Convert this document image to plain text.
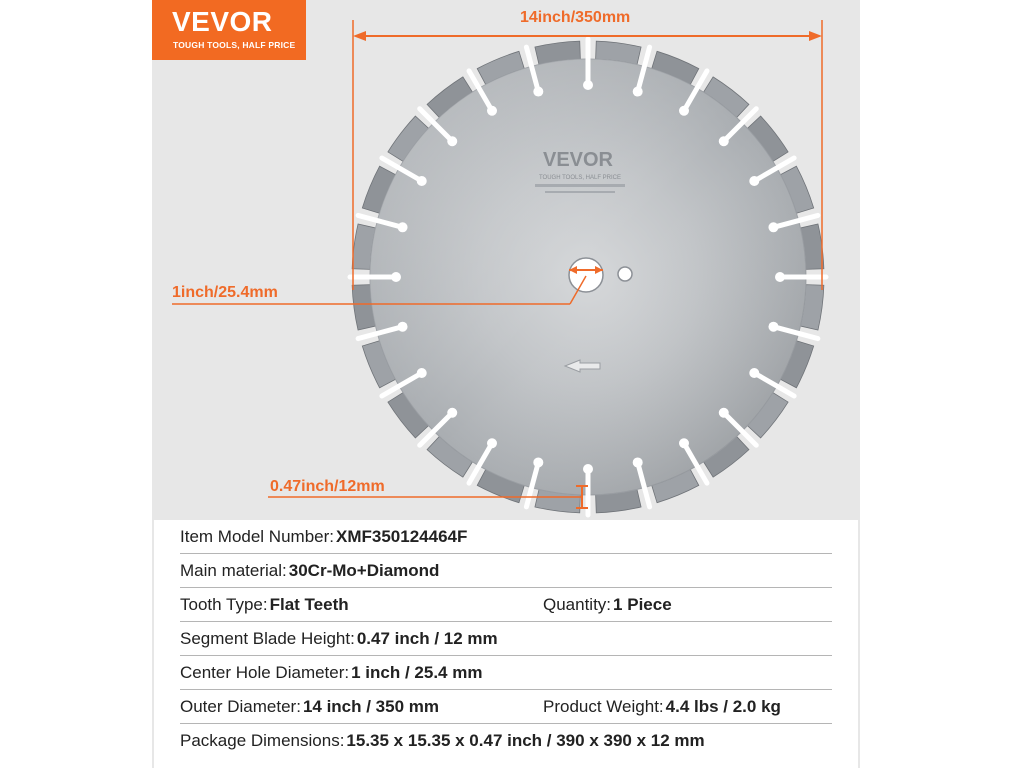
VEVOR
TOUGH TOOLS, HALF PRICE
VEVOR
TOUGH TOOLS, HALF PRICE
14inch/350mm
1inch/25.4mm
0.47inch/12mm
Item Model Number: XMF350124464F
Main material: 30Cr-Mo+Diamond
Tooth Type: Flat Teeth	Quantity: 1 Piece
Segment Blade Height: 0.47 inch / 12 mm
Center Hole Diameter: 1 inch / 25.4 mm
Outer Diameter: 14 inch / 350 mm	Product Weight: 4.4 lbs / 2.0 kg
Package Dimensions: 15.35 x 15.35 x 0.47 inch / 390 x 390 x 12 mm
